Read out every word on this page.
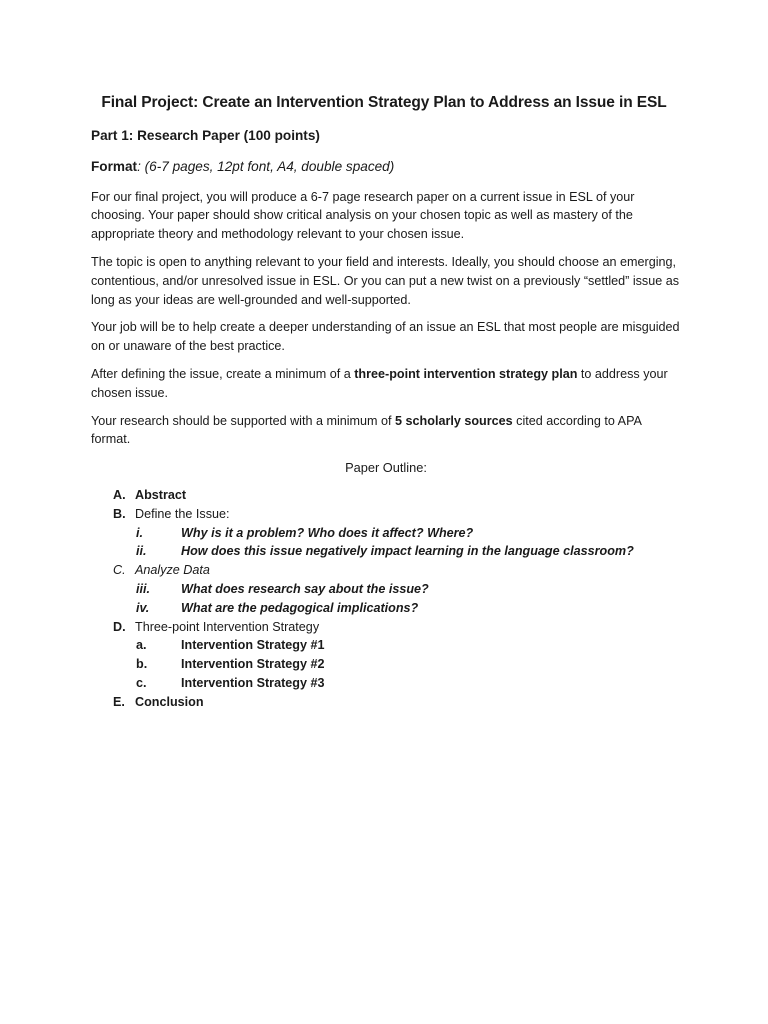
Final Project: Create an Intervention Strategy Plan to Address an Issue in ESL
Part 1: Research Paper (100 points)
Format: (6-7 pages, 12pt font, A4, double spaced)

For our final project, you will produce a 6-7 page research paper on a current issue in ESL of your choosing. Your paper should show critical analysis on your chosen topic as well as mastery of the appropriate theory and methodology relevant to your chosen issue.

The topic is open to anything relevant to your field and interests. Ideally, you should choose an emerging, contentious, and/or unresolved issue in ESL. Or you can put a new twist on a previously “settled” issue as long as your ideas are well-grounded and well-supported.

Your job will be to help create a deeper understanding of an issue an ESL that most people are misguided on or unaware of the best practice.

After defining the issue, create a minimum of a three-point intervention strategy plan to address your chosen issue.

Your research should be supported with a minimum of 5 scholarly sources cited according to APA format.

Paper Outline:
A. Abstract
B. Define the Issue:
i.	Why is it a problem? Who does it affect? Where?
ii.	How does this issue negatively impact learning in the language classroom?
C. Analyze Data
iii. What does research say about the issue?
iv.	What are the pedagogical implications?
D. Three-point Intervention Strategy
a.	Intervention Strategy #1
b.	Intervention Strategy #2
c.	Intervention Strategy #3
E. Conclusion
